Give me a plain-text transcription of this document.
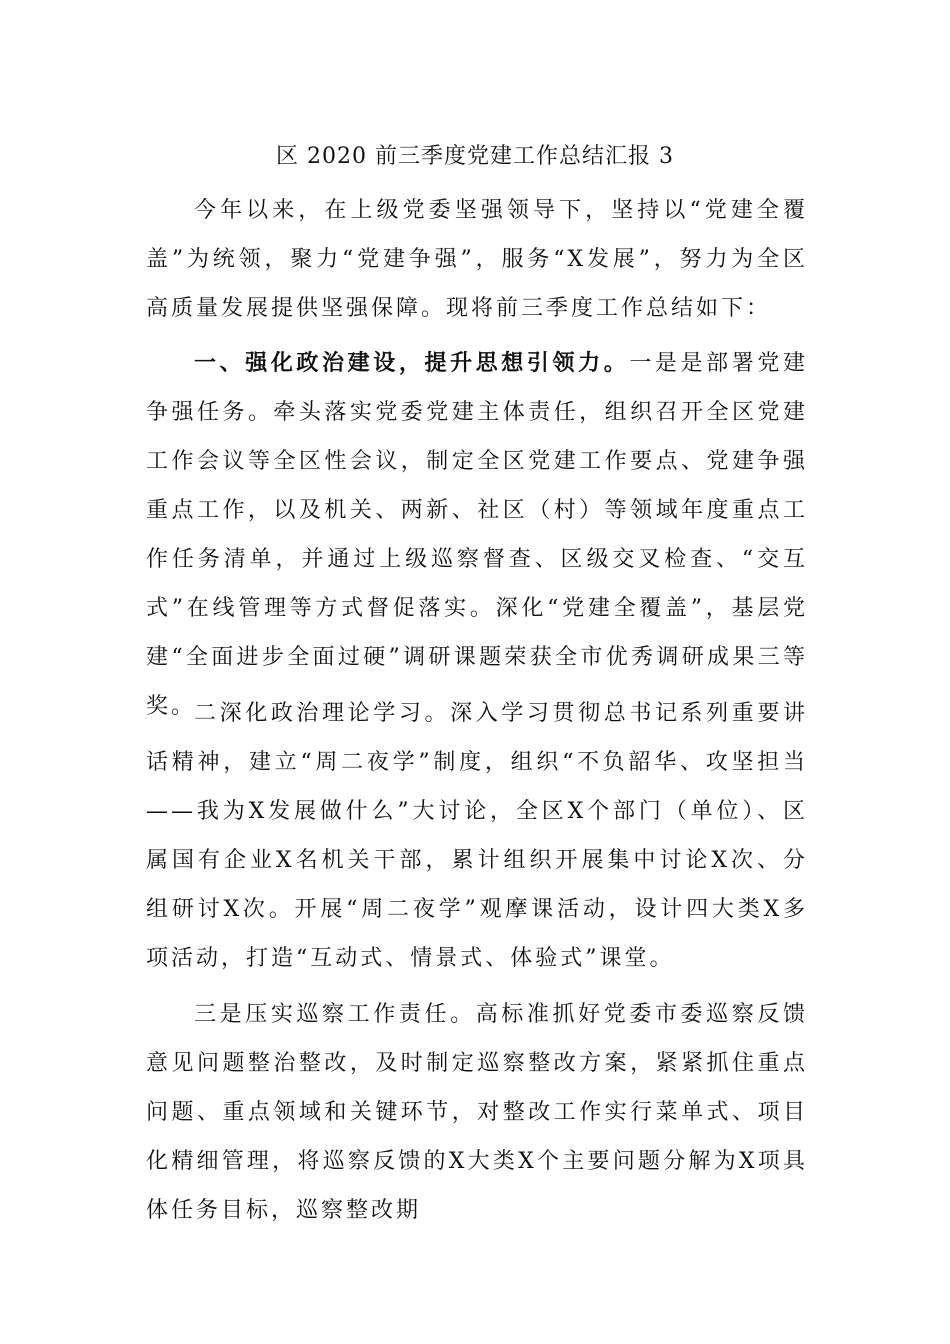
区 2020 前三季度党建工作总结汇报 3

今年以来，在上级党委坚强领导下，坚持以“党建全覆盖”为统领，聚力“党建争强”，服务“X发展”，努力为全区高质量发展提供坚强保障。现将前三季度工作总结如下：

一、强化政治建设，提升思想引领力。一是是部署党建争强任务。牵头落实党委党建主体责任，组织召开全区党建工作会议等全区性会议，制定全区党建工作要点、党建争强重点工作，以及机关、两新、社区（村）等领域年度重点工作任务清单，并通过上级巡察督查、区级交叉检查、“交互式”在线管理等方式督促落实。深化“党建全覆盖”，基层党建“全面进步全面过硬”调研课题荣获全市优秀调研成果三等奖。

二深化政治理论学习。深入学习贯彻总书记系列重要讲话精神，建立“周二夜学”制度，组织“不负韶华、攻坚担当——我为X发展做什么”大讨论，全区X个部门（单位）、区属国有企业X名机关干部，累计组织开展集中讨论X次、分组研讨X次。开展“周二夜学”观摩课活动，设计四大类X多项活动，打造“互动式、情景式、体验式”课堂。

三是压实巡察工作责任。高标准抓好党委市委巡察反馈意见问题整治整改，及时制定巡察整改方案，紧紧抓住重点问题、重点领域和关键环节，对整改工作实行菜单式、项目化精细管理，将巡察反馈的X大类X个主要问题分解为X项具体任务目标，巡察整改期
